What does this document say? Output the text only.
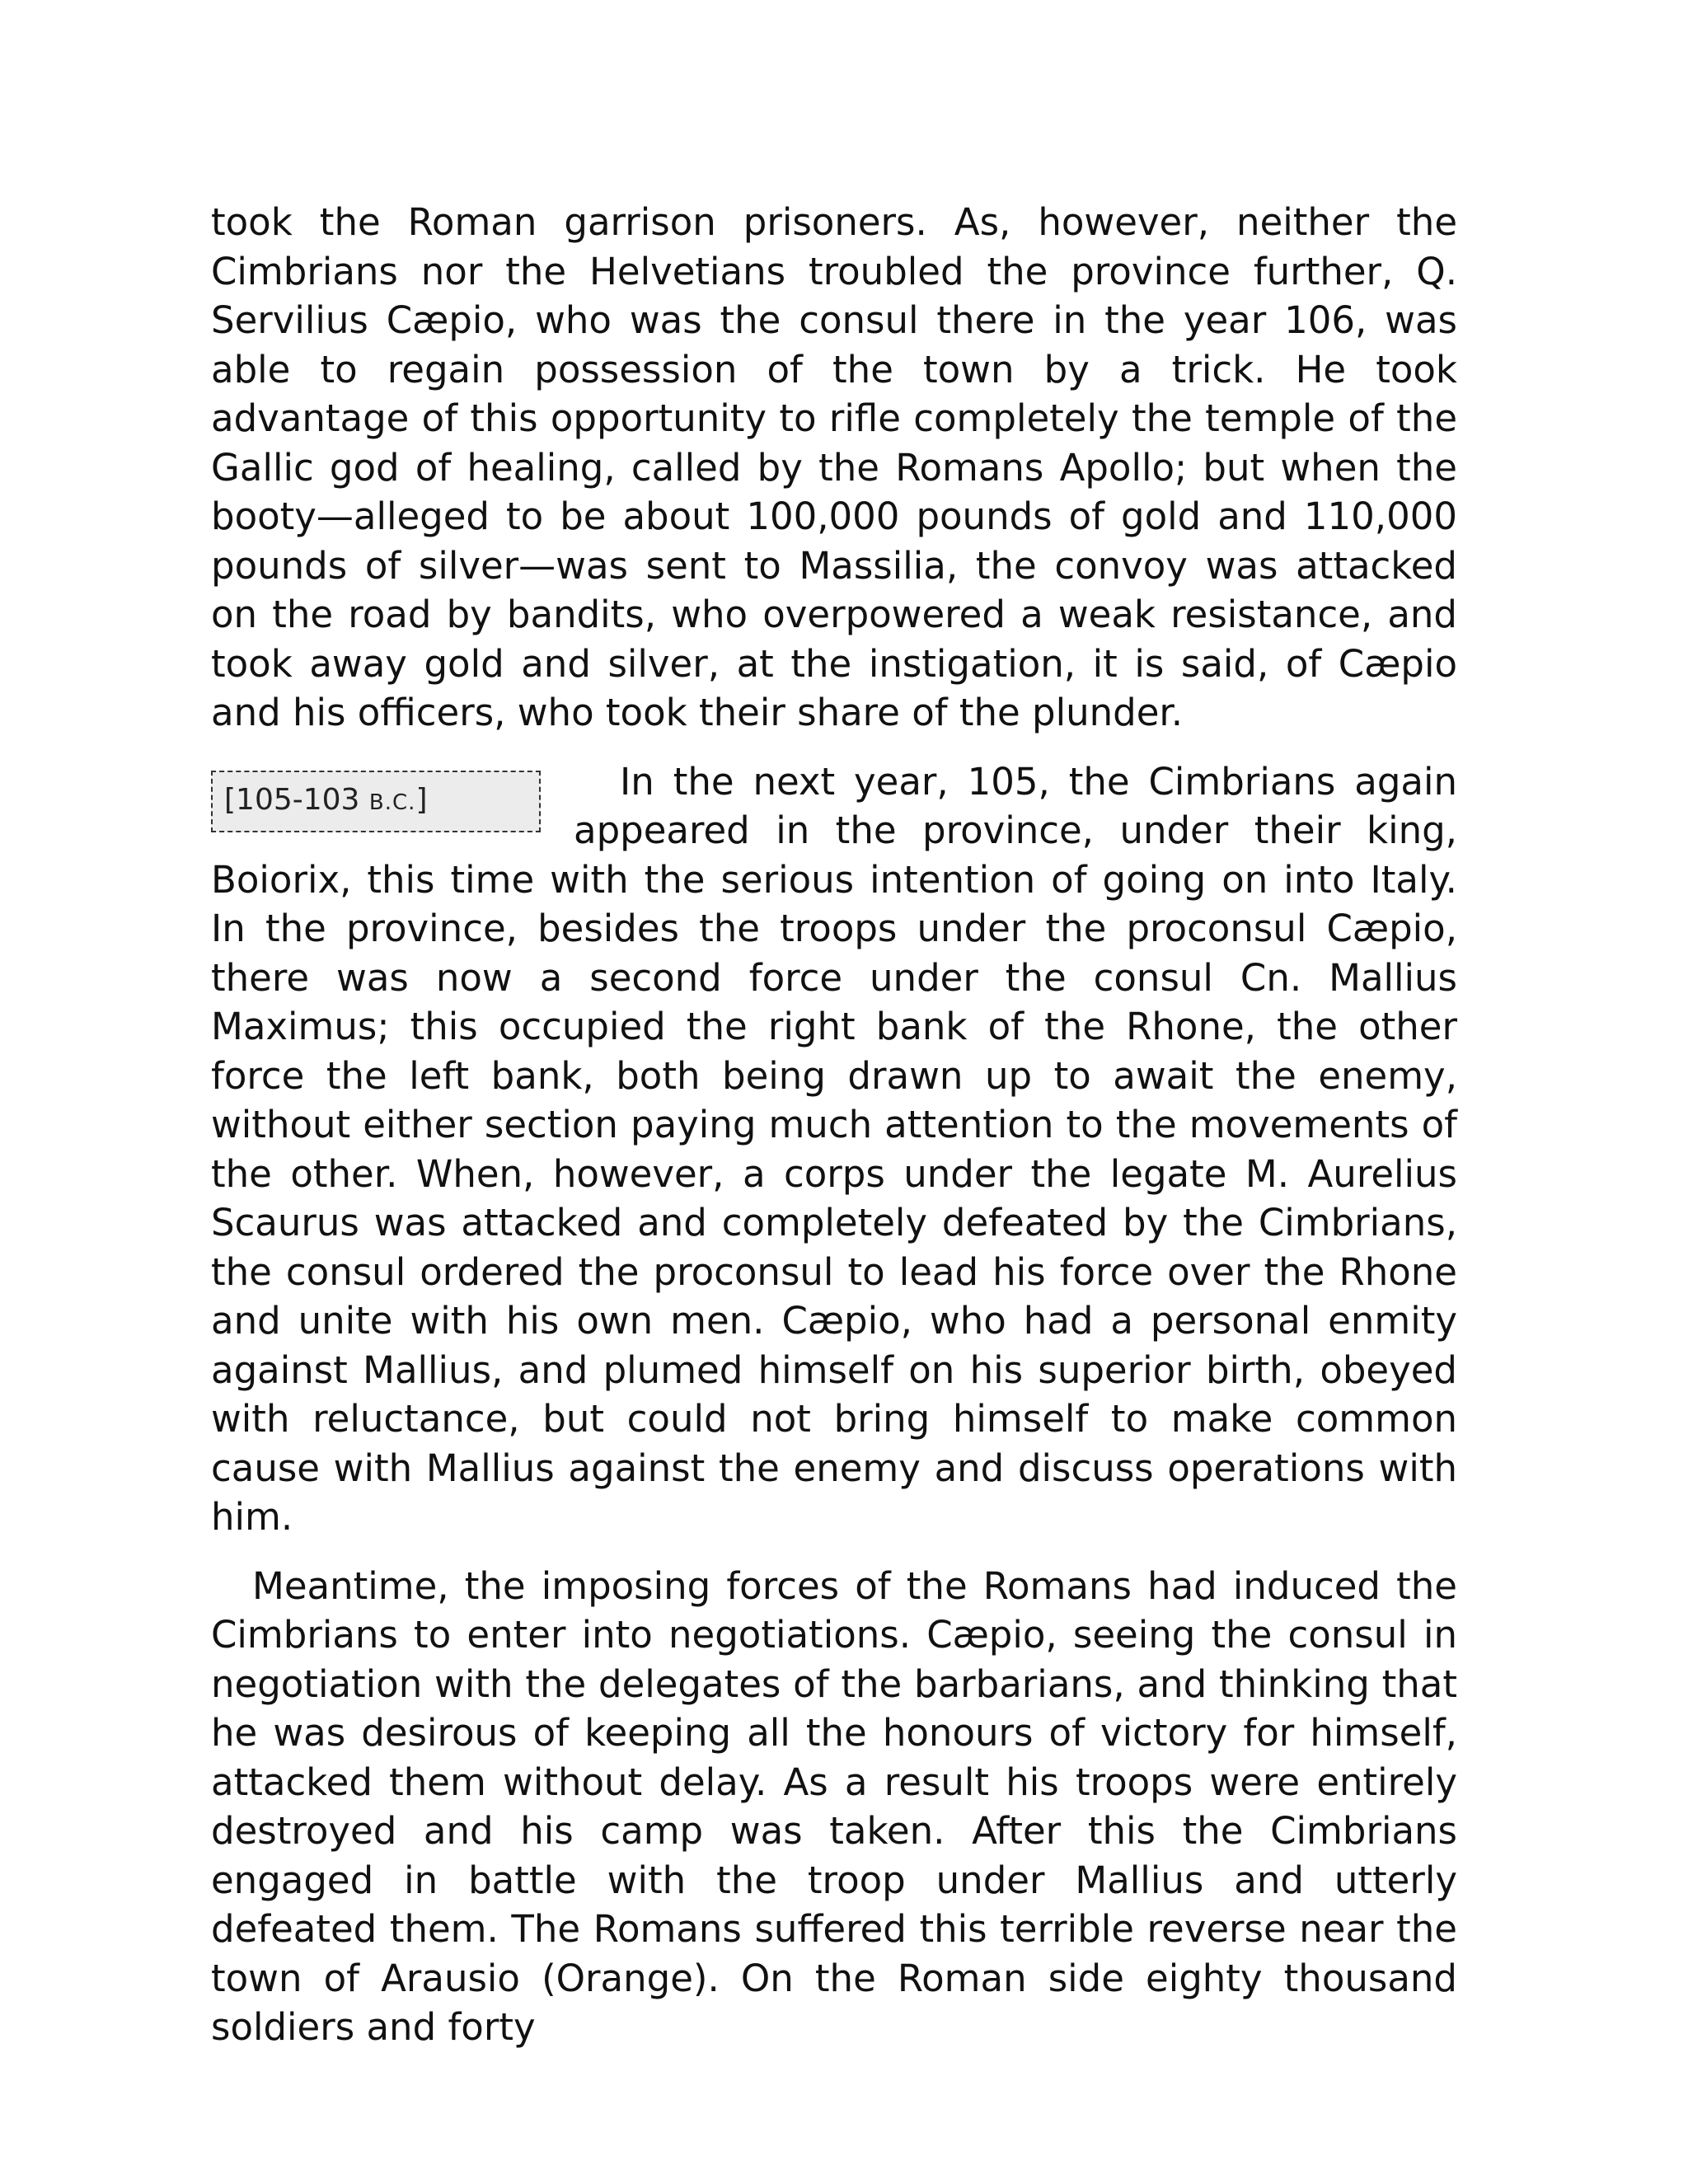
took the Roman garrison prisoners. As, however, neither the Cimbrians nor the Helvetians troubled the province further, Q. Servilius Cæpio, who was the consul there in the year 106, was able to regain possession of the town by a trick. He took advantage of this opportunity to rifle completely the temple of the Gallic god of healing, called by the Romans Apollo; but when the booty—alleged to be about 100,000 pounds of gold and 110,000 pounds of silver—was sent to Massilia, the convoy was attacked on the road by bandits, who overpowered a weak resistance, and took away gold and silver, at the instigation, it is said, of Cæpio and his officers, who took their share of the plunder.

[105-103 B.C.]	In the next year, 105, the Cimbrians again appeared in the province, under their king, Boiorix, this time with the serious intention of going on into Italy. In the province, besides the troops under the proconsul Cæpio, there was now a second force under the consul Cn. Mallius Maximus; this occupied the right bank of the Rhone, the other force the left bank, both being drawn up to await the enemy, without either section paying much attention to the movements of the other. When, however, a corps under the legate M. Aurelius Scaurus was attacked and completely defeated by the Cimbrians, the consul ordered the proconsul to lead his force over the Rhone and unite with his own men. Cæpio, who had a personal enmity against Mallius, and plumed himself on his superior birth, obeyed with reluctance, but could not bring himself to make common cause with Mallius against the enemy and discuss operations with him.

Meantime, the imposing forces of the Romans had induced the Cimbrians to enter into negotiations. Cæpio, seeing the consul in negotiation with the delegates of the barbarians, and thinking that he was desirous of keeping all the honours of victory for himself, attacked them without delay. As a result his troops were entirely destroyed and his camp was taken. After this the Cimbrians engaged in battle with the troop under Mallius and utterly defeated them. The Romans suffered this terrible reverse near the town of Arausio (Orange). On the Roman side eighty thousand soldiers and forty
